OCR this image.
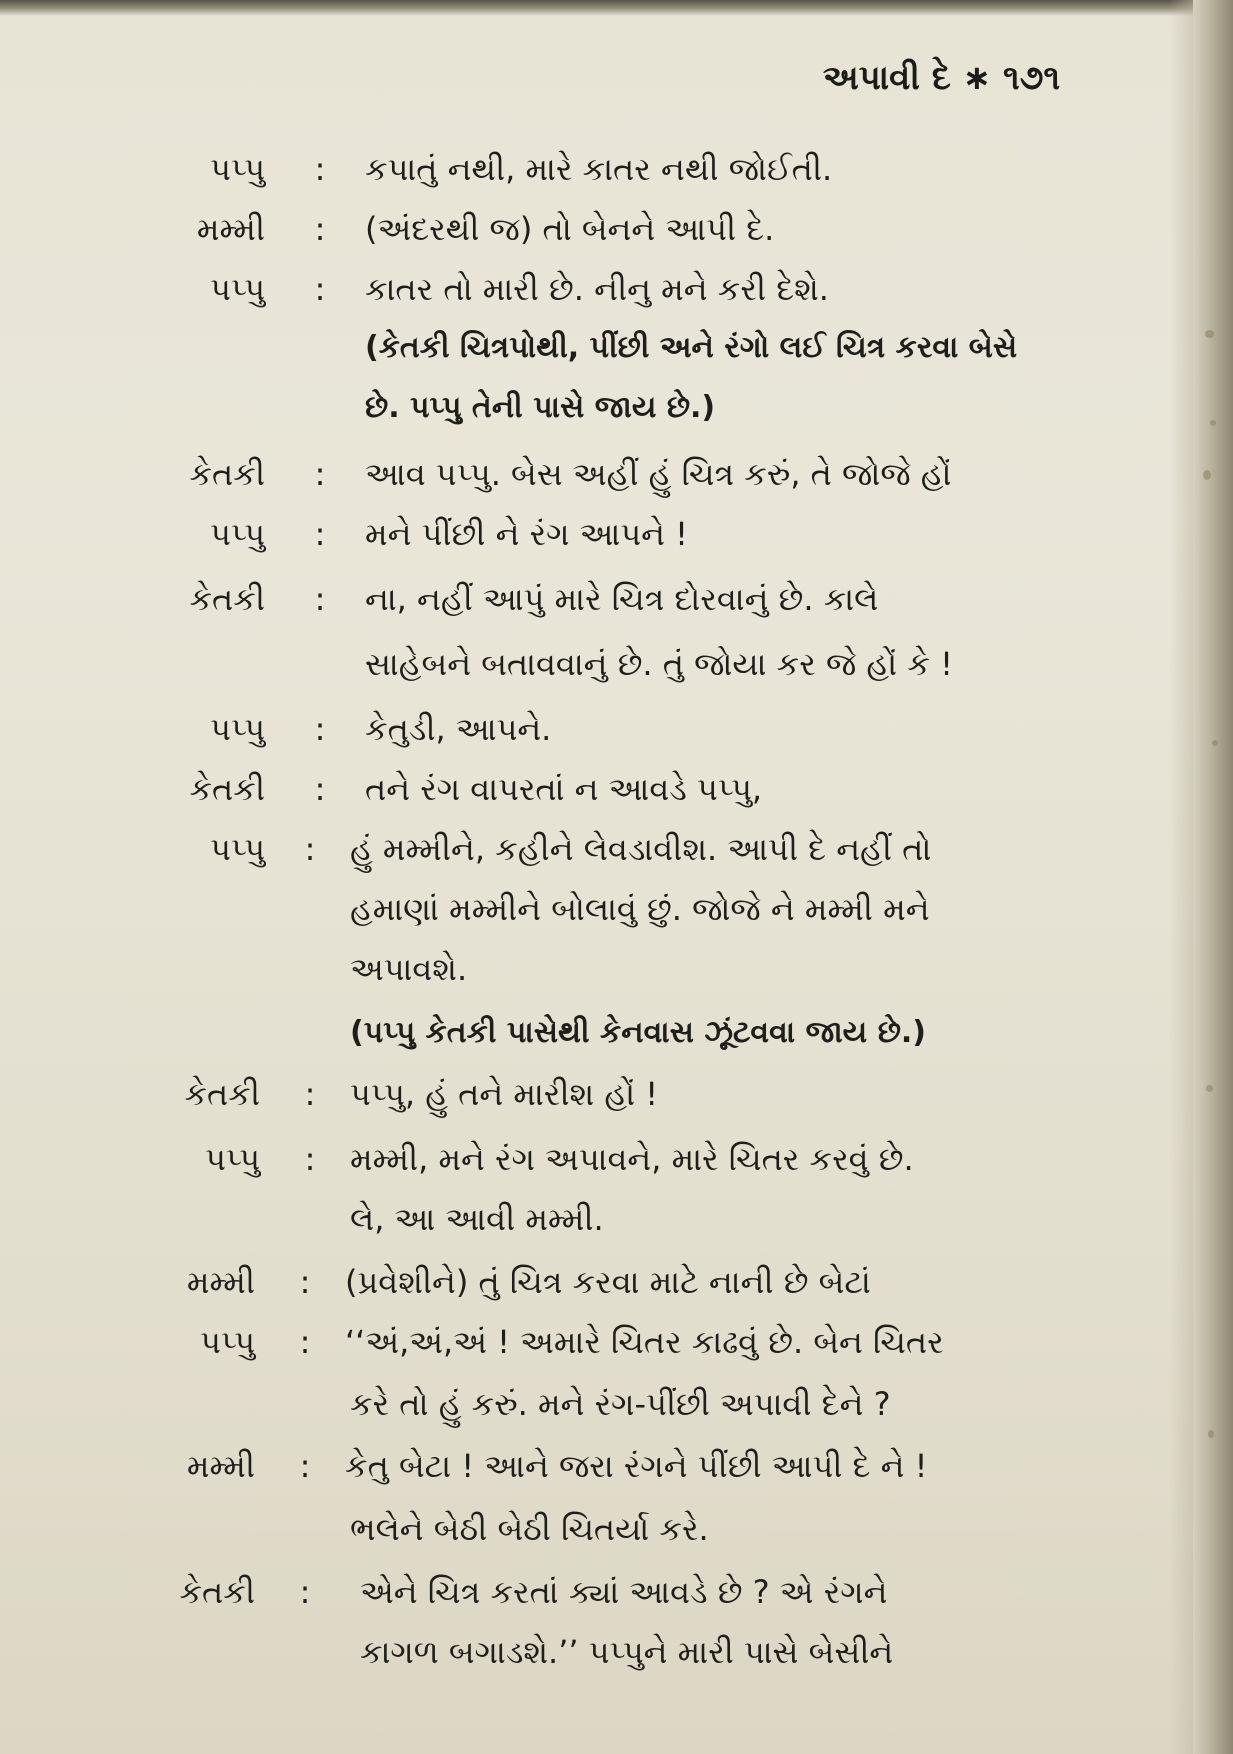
અપાવી દે ∗ ૧૭૧
પપ્પુ : કપાતું નથી, મારે કાતર નથી જોઈતી.
મમ્મી : (અંદરથી જ) તો બેનને આપી દે.
પપ્પુ : કાતર તો મારી છે. નીનુ મને કરી દેશે.
(કેતકી ચિત્રપોથી, પીંછી અને રંગો લઈ ચિત્ર કરવા બેસે
છે. પપ્પુ તેની પાસે જાય છે.)
કેતકી : આવ પપ્પુ. બેસ અહીં હું ચિત્ર કરું, તે જોજે હોં
પપ્પુ : મને પીંછી ને રંગ આપને !
કેતકી : ના, નહીં આપું મારે ચિત્ર દોરવાનું છે. કાલે
સાહેબને બતાવવાનું છે. તું જોયા કર જે હોં કે !
પપ્પુ : કેતુડી, આપને.
કેતકી : તને રંગ વાપરતાં ન આવડે પપ્પુ,
પપ્પુ : હું મમ્મીને, કહીને લેવડાવીશ. આપી દે નહીં તો
હમાણાં મમ્મીને બોલાવું છું. જોજે ને મમ્મી મને
અપાવશે.
(પપ્પુ કેતકી પાસેથી કેનવાસ ઝૂંટવવા જાય છે.)
કેતકી : પપ્પુ, હું તને મારીશ હોં !
પપ્પુ : મમ્મી, મને રંગ અપાવને, મારે ચિતર કરવું છે.
લે, આ આવી મમ્મી.
મમ્મી : (પ્રવેશીને) તું ચિત્ર કરવા માટે નાની છે બેટાં
પપ્પુ : ‘‘અં,અં,અં ! અમારે ચિતર કાઢવું છે. બેન ચિતર
કરે તો હું કરું. મને રંગ-પીંછી અપાવી દેને ?
મમ્મી : કેતુ બેટા ! આને જરા રંગને પીંછી આપી દે ને !
ભલેને બેઠી બેઠી ચિતર્યા કરે.
કેતકી : એને ચિત્ર કરતાં ક્યાં આવડે છે ? એ રંગને
કાગળ બગાડશે.’’ પપ્પુને મારી પાસે બેસીને
